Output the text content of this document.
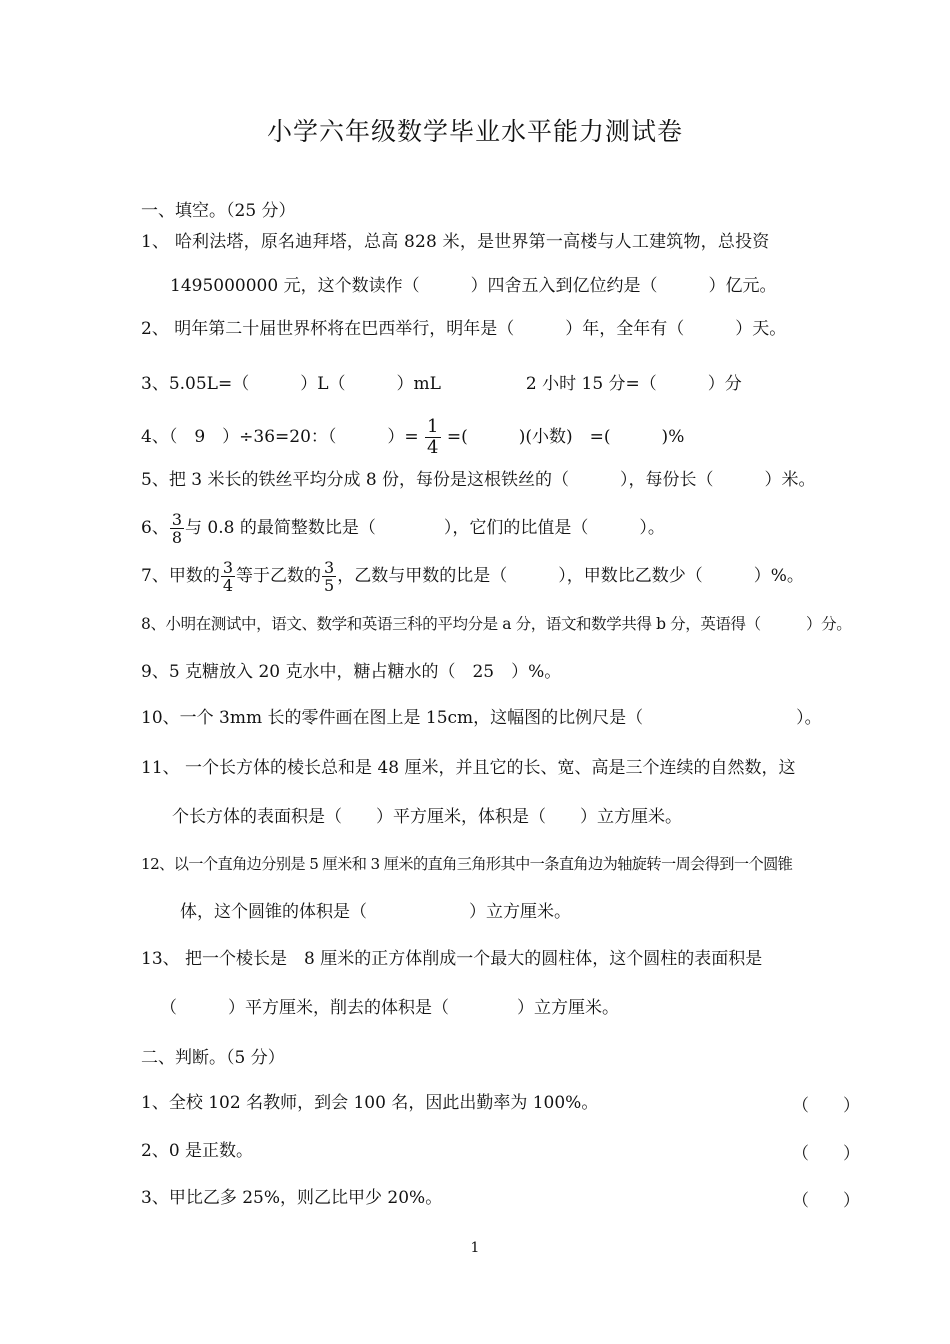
小学六年级数学毕业水平能力测试卷
一、填空。（25 分）
1、 哈利法塔，原名迪拜塔，总高 828 米，是世界第一高楼与人工建筑物，总投资
1495000000 元，这个数读作（　　　）四舍五入到亿位约是（　　　）亿元。
2、 明年第二十届世界杯将在巴西举行，明年是（　　　）年，全年有（　　　）天。
3、5.05L=（　　　）L（　　　）mL　　　　　2 小时 15 分=（　　　）分
4、（　9　）÷36=20：（　　　）= $\frac{1}{4}$ =(　　　)(小数)　=(　　　)%
5、把 3 米长的铁丝平均分成 8 份，每份是这根铁丝的（　　　），每份长（　　　）米。
6、 $\frac{3}{8}$ 与 0.8 的最简整数比是（　　　　），它们的比值是（　　　）。
7、甲数的 $\frac{3}{4}$ 等于乙数的 $\frac{3}{5}$ ，乙数与甲数的比是（　　　），甲数比乙数少（　　　）%。
8、小明在测试中，语文、数学和英语三科的平均分是 a 分，语文和数学共得 b 分，英语得（　　　）分。
9、5 克糖放入 20 克水中，糖占糖水的（　25　）%。
10、一个 3mm 长的零件画在图上是 15cm，这幅图的比例尺是（　　　　　　　　　）。
11、 一个长方体的棱长总和是 48 厘米，并且它的长、宽、高是三个连续的自然数，这
个长方体的表面积是（　　）平方厘米，体积是（　　）立方厘米。
12、以一个直角边分别是 5 厘米和 3 厘米的直角三角形其中一条直角边为轴旋转一周会得到一个圆锥
体，这个圆锥的体积是（　　　　　　）立方厘米。
13、 把一个棱长是　8 厘米的正方体削成一个最大的圆柱体，这个圆柱的表面积是
（　　　）平方厘米，削去的体积是（　　　　）立方厘米。
二、判断。（5 分）
1、全校 102 名教师，到会 100 名，因此出勤率为 100%。	（　　）
2、0 是正数。	（　　）
3、甲比乙多 25%，则乙比甲少 20%。	（　　）
1
